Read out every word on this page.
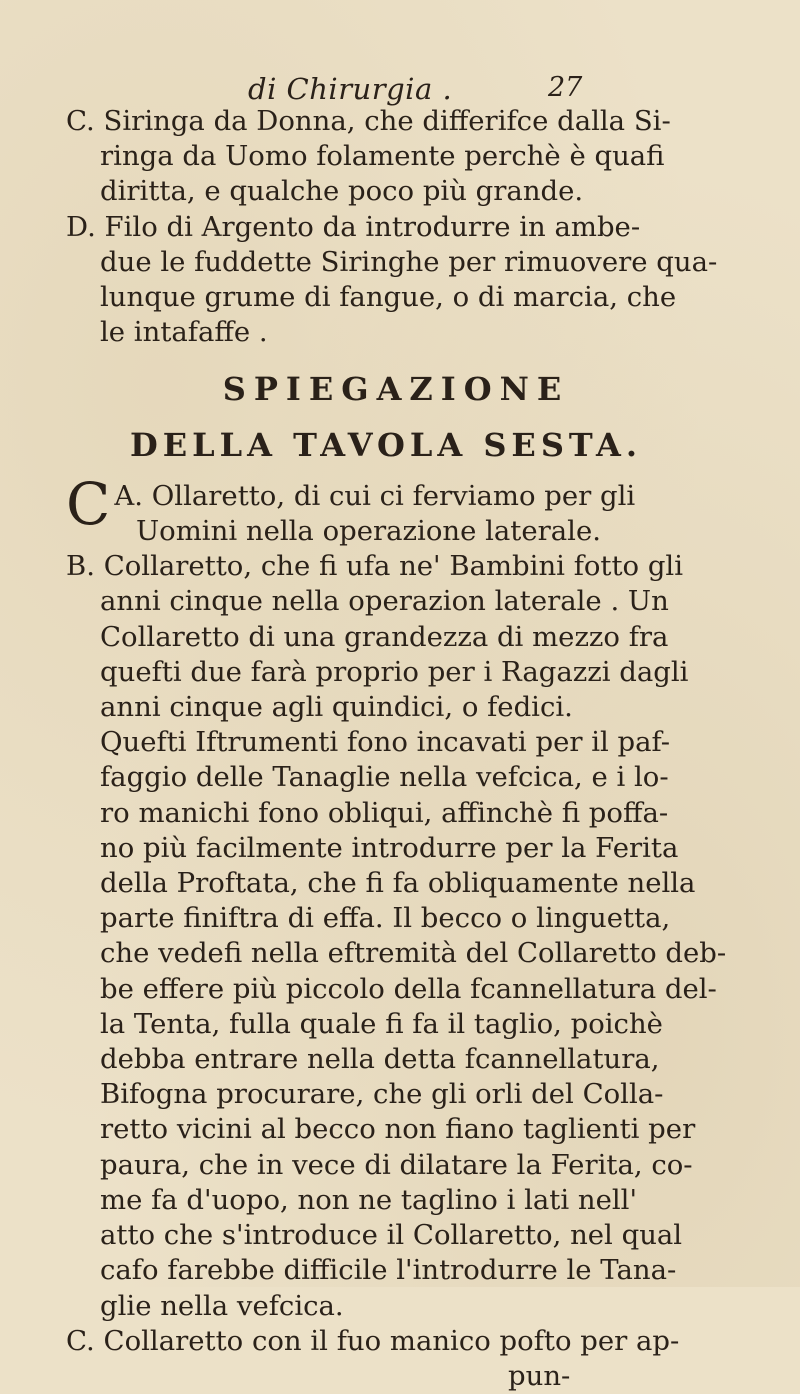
di Chirurgia .	27
C. Siringa da Donna, che differifce dalla Si-
ringa da Uomo folamente perchè è quafi
diritta, e qualche poco più grande.
D. Filo di Argento da introdurre in ambe-
due le fuddette Siringhe per rimuovere qua-
lunque grume di fangue, o di marcia, che
le intafaffe .
SPIEGAZIONE
DELLA TAVOLA SESTA.
A.
C Ollaretto, di cui ci ferviamo per gli
Uomini nella operazione laterale.
B. Collaretto, che fi ufa ne' Bambini fotto gli
anni cinque nella operazion laterale . Un
Collaretto di una grandezza di mezzo fra
quefti due farà proprio per i Ragazzi dagli
anni cinque agli quindici, o fedici.
Quefti Iftrumenti fono incavati per il paf-
faggio delle Tanaglie nella vefcica, e i lo-
ro manichi fono obliqui, affinchè fi poffa-
no più facilmente introdurre per la Ferita
della Proftata, che fi fa obliquamente nella
parte finiftra di effa. Il becco o linguetta,
che vedefi nella eftremità del Collaretto deb-
be effere più piccolo della fcannellatura del-
la Tenta, fulla quale fi fa il taglio, poichè
debba entrare nella detta fcannellatura,
Bifogna procurare, che gli orli del Colla-
retto vicini al becco non fiano taglienti per
paura, che in vece di dilatare la Ferita, co-
me fa d'uopo, non ne taglino i lati nell'
atto che s'introduce il Collaretto, nel qual
cafo farebbe difficile l'introdurre le Tana-
glie nella vefcica.
C. Collaretto con il fuo manico pofto per ap-
pun-
